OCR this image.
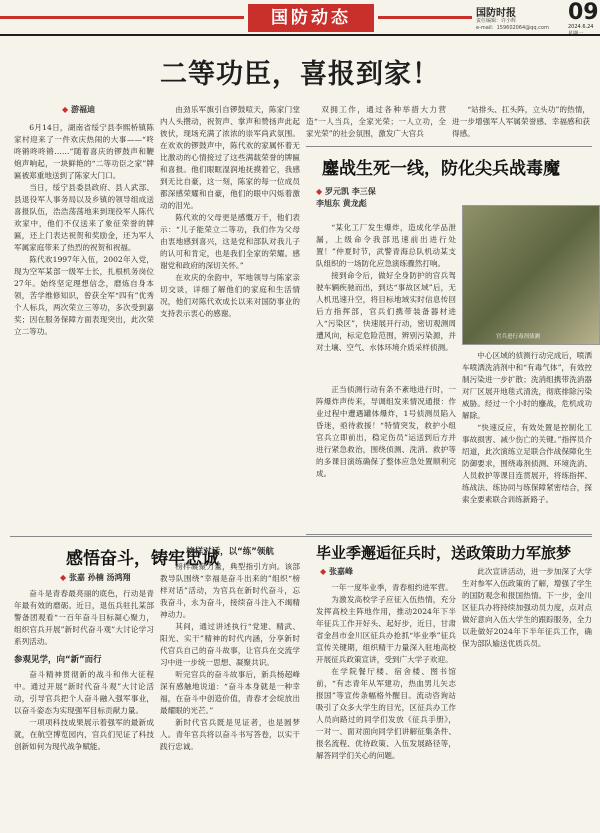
国防动态	国防时报
责任编辑：许小辉
e-mail：159602064@qq.com
09
2024.6.24
星期一
二等功臣，喜报到家！
◆ 游福迪

6月14日，湖南省绥宁县李熙桥镇陈家村迎来了一件欢庆热闹的大事——“咚咚锵咚咚锵……”随着喜庆的锣鼓声和鞭炮声响起，一块鲜艳的“二等功臣之家”牌匾被郑重地送到了陈家大门口。

当日，绥宁县委县政府、县人武部、县退役军人事务局以及乡镇的领导组成送喜报队伍，浩浩荡荡地来到现役军人陈代欢家中，他们不仅送来了象征荣誉的牌匾，还上门表达祝贺和奖励金，还为军人军属家庭带来了热烈的祝贺和祝福。

陈代欢1997年入伍，2002年入党，现为空军某部一级军士长，扎根机务岗位27年。始终坚定理想信念，磨炼自身本领，苦学维修知识，曾获全军“四有”优秀个人标兵，两次荣立三等功，多次受到嘉奖；因在服务保障方面表现突出，此次荣立二等功。

由劲乐军旗引自锣鼓喧天，陈家门堂内人头攒动，祝贺声、掌声和赞扬声此起彼伏，现场充满了浓浓的崇军尚武氛围。在欢欢的锣鼓声中，陈代欢的家属怀着无比激动的心情接过了这些满载荣誉的牌匾和喜报。他们眼眶湿润地抚摸着它，我感到无比自豪，这一刻，陈家的每一位成员都深感荣耀和自豪，他们的眼中闪烁着激动的泪光。

陈代欢的父母更是感慨万千，他们表示：“儿子能荣立二等功，我们作为父母由衷地感到喜兴，这是党和部队对我儿子的认可和肯定，也是我们全家的荣耀。感谢党和政府的深切关怀。”

在欢庆的余韵中，军地领导与陈家亲切交谈，详细了解他们的家庭和生活情况，他们对陈代欢成长以来对国防事业的支持表示衷心的感谢。

双拥工作，通过各种举措大力营造“一人当兵，全家光荣；一人立功，全家光荣”的社会氛围，激发广大官兵

“站排头、扛头阵，立头功”的热情，进一步增强军人军属荣誉感、幸福感和获得感。

鏖战生死一线，防化尖兵战毒魔
◆ 罗元凯 李三保
李旭东 黄龙彪

“某化工厂发生爆炸，造成化学品泄漏，上级命令我部迅速前出进行处置！”仲夏时节，武警青海总队机动某支队组织的一场防化应急演练骤然打响。

接到命令后，做好全身防护的官兵驾驶车辆疾驰而出，到达“事故区域”后，无人机迅速升空，将目标地域实时信息传回后方指挥部，官兵们携带装备器材进入“污染区”，快速展开行动，密切观测周遭风向，标定危险范围，辨别污染源，并对土壤、空气、水体环境介质采样侦测。

官兵进行毒剂侦测

中心区域的侦测行动完成后，喷洒车喷洒洗消剂中和“有毒气体”，有效控制污染进一步扩散；洗消组携带洗消器对厂区展开地毯式清洗，彻底排除污染威胁。经过一个小时的鏖战，危机成功解除。

“快速反应，有效处置是控制化工事故损害、减少伤亡的关键。”指挥员介绍道，此次演练立足联合作战保障化生防御要求，围绕毒剂侦测、环境洗消、人员救护等课目连贯展开，将练指挥、练战法、练协同与练保障紧密结合，探索全要素联合训练新路子。

正当侦测行动有条不紊地进行时，一阵爆炸声传来，导调组发来情况通报：作业过程中遭遇罐体爆炸，1号侦测员陷入昏迷，亟待救援！“特情突发，救护小组官兵立即前出，稳定伤员”运送到后方并进行紧急救治，围绕侦测、洗消、救护等的多课目演练确保了整体应急处置顺利完成。

感悟奋斗，铸牢忠诚
◆ 张嘉 孙楠 汤鸿翔

奋斗是青春最亮丽的底色，行动是青年最有效的磨砺。近日，退伍兵驻扎某部警备团观看“一百年奋斗目标凝心聚力，组织官兵开展”新时代奋斗观”大讨论学习系列活动。

参观见学，向“新”而行

奋斗精神贯彻新的战斗和伟大征程中。通过开展“新时代奋斗观”大讨论活动，引导官兵把个人奋斗融入强军事业，以奋斗姿态为实现强军目标贡献力量。

一项项科技成果展示着强军的最新成就，在航空博览园内，官兵们见证了科技创新如何为现代战争赋能。

榜样对话，以“练”领航

榜样凝聚力量，典型指引方向。该部教导队围绕“幸福是奋斗出来的”组织“榜样对话”活动，为官兵在新时代奋斗，忘我奋斗，永为奋斗，接续奋斗注入不竭精神动力。

其间，通过讲述执行“党建、精武、阳光、实干”精神的时代内涵，分享新时代官兵自己的奋斗故事，让官兵在交流学习中进一步统一思想、凝聚共识。

听完官兵的奋斗故事后，新兵杨超峰深有感触地说道：“奋斗本身就是一种幸福，在奋斗中创造价值，青春才会绽放出最耀眼的光芒。”

新时代官兵既是见证者，也是圆梦人。青年官兵将以奋斗书写答卷，以实干践行忠诚。

毕业季邂逅征兵时，送政策助力军旅梦
◆ 张嘉峰

一年一度毕业季，青春相约进军营。

为激发高校学子应征入伍热情，充分发挥高校主阵地作用，推动2024年下半年征兵工作开好头、起好步，近日，甘肃省金昌市金川区征兵办抢抓“毕业季”征兵宣传关键期，组织精干力量深入驻地高校开展征兵政策宣讲，受到广大学子欢迎。

在学院餐厅楼、宿舍楼、图书馆前，“有志青年从军建功，热血男儿矢志报国”等宣传条幅格外醒目。流动咨询站吸引了众多大学生的目光，区征兵办工作人员向路过的同学们发放《征兵手册》，一对一、面对面向同学们讲解征集条件、报名流程、优待政策、入伍发展路径等，解答同学们关心的问题。

此次宣讲活动，进一步加深了大学生对参军入伍政策的了解，增强了学生的国防观念和报国热情。下一步，金川区征兵办将持续加强动员力度，点对点做好意向入伍大学生的跟踪服务，全力以赴做好2024年下半年征兵工作，确保为部队输送优质兵员。
